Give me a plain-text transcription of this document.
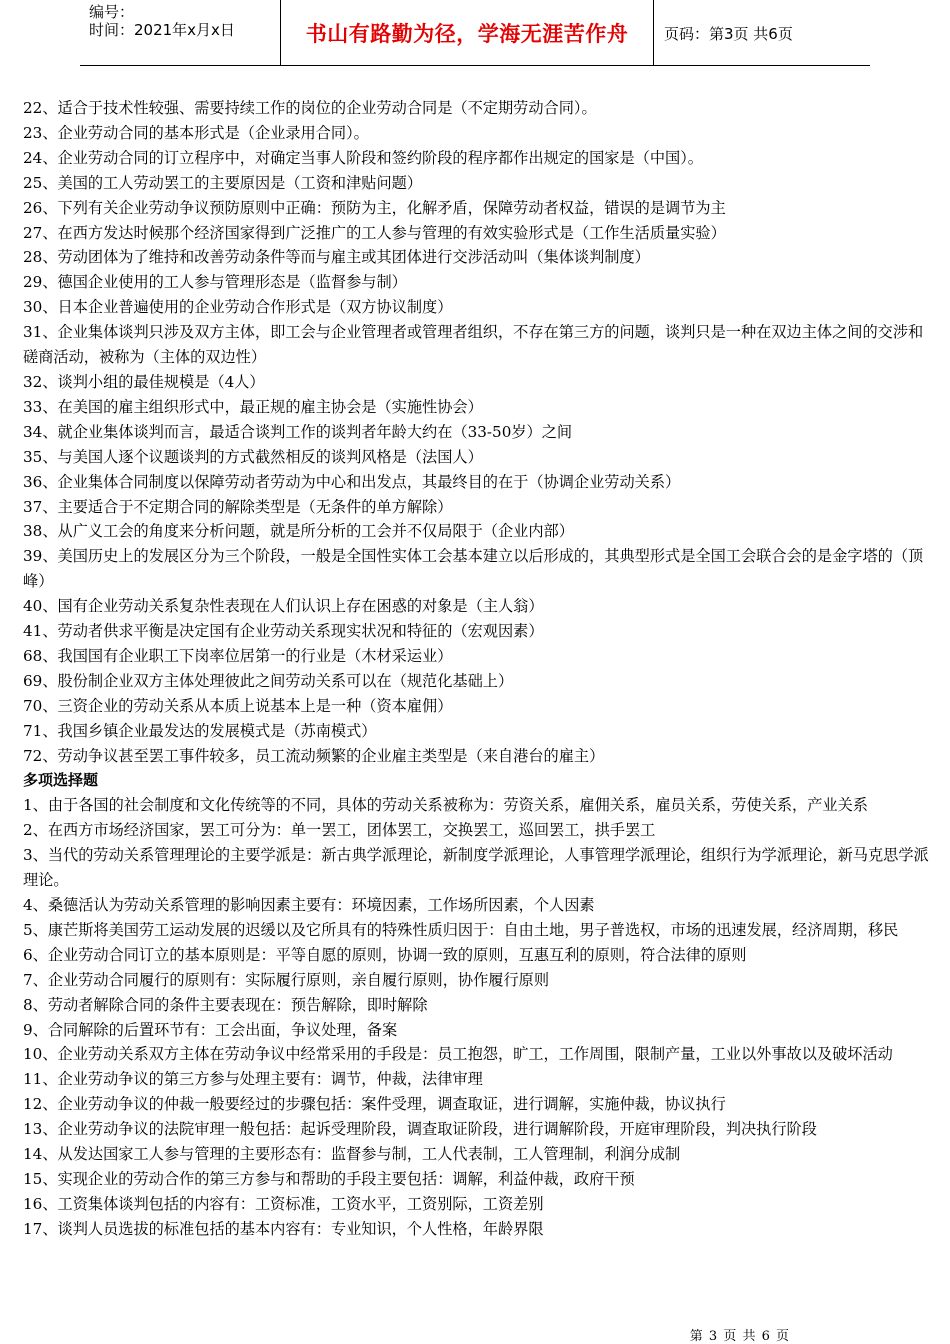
编号：
时间：2021年x月x日	书山有路勤为径，学海无涯苦作舟	页码：第3页 共6页
22、适合于技术性较强、需要持续工作的岗位的企业劳动合同是（不定期劳动合同）。
23、企业劳动合同的基本形式是（企业录用合同）。
24、企业劳动合同的订立程序中，对确定当事人阶段和签约阶段的程序都作出规定的国家是（中国）。
25、美国的工人劳动罢工的主要原因是（工资和津贴问题）
26、下列有关企业劳动争议预防原则中正确：预防为主，化解矛盾，保障劳动者权益，错误的是调节为主
27、在西方发达时候那个经济国家得到广泛推广的工人参与管理的有效实验形式是（工作生活质量实验）
28、劳动团体为了维持和改善劳动条件等而与雇主或其团体进行交涉活动叫（集体谈判制度）
29、德国企业使用的工人参与管理形态是（监督参与制）
30、日本企业普遍使用的企业劳动合作形式是（双方协议制度）
31、企业集体谈判只涉及双方主体，即工会与企业管理者或管理者组织，不存在第三方的问题，谈判只是一种在双边主体之间的交涉和磋商活动，被称为（主体的双边性）
32、谈判小组的最佳规模是（4人）
33、在美国的雇主组织形式中，最正规的雇主协会是（实施性协会）
34、就企业集体谈判而言，最适合谈判工作的谈判者年龄大约在（33-50岁）之间
35、与美国人逐个议题谈判的方式截然相反的谈判风格是（法国人）
36、企业集体合同制度以保障劳动者劳动为中心和出发点，其最终目的在于（协调企业劳动关系）
37、主要适合于不定期合同的解除类型是（无条件的单方解除）
38、从广义工会的角度来分析问题，就是所分析的工会并不仅局限于（企业内部）
39、美国历史上的发展区分为三个阶段，一般是全国性实体工会基本建立以后形成的，其典型形式是全国工会联合会的是金字塔的（顶峰）
40、国有企业劳动关系复杂性表现在人们认识上存在困惑的对象是（主人翁）
41、劳动者供求平衡是决定国有企业劳动关系现实状况和特征的（宏观因素）
68、我国国有企业职工下岗率位居第一的行业是（木材采运业）
69、股份制企业双方主体处理彼此之间劳动关系可以在（规范化基础上）
70、三资企业的劳动关系从本质上说基本上是一种（资本雇佣）
71、我国乡镇企业最发达的发展模式是（苏南模式）
72、劳动争议甚至罢工事件较多，员工流动频繁的企业雇主类型是（来自港台的雇主）
多项选择题
1、由于各国的社会制度和文化传统等的不同，具体的劳动关系被称为：劳资关系，雇佣关系，雇员关系，劳使关系，产业关系
2、在西方市场经济国家，罢工可分为：单一罢工，团体罢工，交换罢工，巡回罢工，拱手罢工
3、当代的劳动关系管理理论的主要学派是：新古典学派理论，新制度学派理论，人事管理学派理论，组织行为学派理论，新马克思学派理论。
4、桑德活认为劳动关系管理的影响因素主要有：环境因素，工作场所因素，个人因素
5、康芒斯将美国劳工运动发展的迟缓以及它所具有的特殊性质归因于：自由土地，男子普选权，市场的迅速发展，经济周期，移民
6、企业劳动合同订立的基本原则是：平等自愿的原则，协调一致的原则，互惠互利的原则，符合法律的原则
7、企业劳动合同履行的原则有：实际履行原则，亲自履行原则，协作履行原则
8、劳动者解除合同的条件主要表现在：预告解除，即时解除
9、合同解除的后置环节有：工会出面，争议处理，备案
10、企业劳动关系双方主体在劳动争议中经常采用的手段是：员工抱怨，旷工，工作周围，限制产量，工业以外事故以及破坏活动
11、企业劳动争议的第三方参与处理主要有：调节，仲裁，法律审理
12、企业劳动争议的仲裁一般要经过的步骤包括：案件受理，调查取证，进行调解，实施仲裁，协议执行
13、企业劳动争议的法院审理一般包括：起诉受理阶段，调查取证阶段，进行调解阶段，开庭审理阶段，判决执行阶段
14、从发达国家工人参与管理的主要形态有：监督参与制，工人代表制，工人管理制，利润分成制
15、实现企业的劳动合作的第三方参与和帮助的手段主要包括：调解，利益仲裁，政府干预
16、工资集体谈判包括的内容有：工资标准，工资水平，工资别际，工资差别
17、谈判人员选拔的标准包括的基本内容有：专业知识，个人性格，年龄界限
第 3 页 共 6 页
